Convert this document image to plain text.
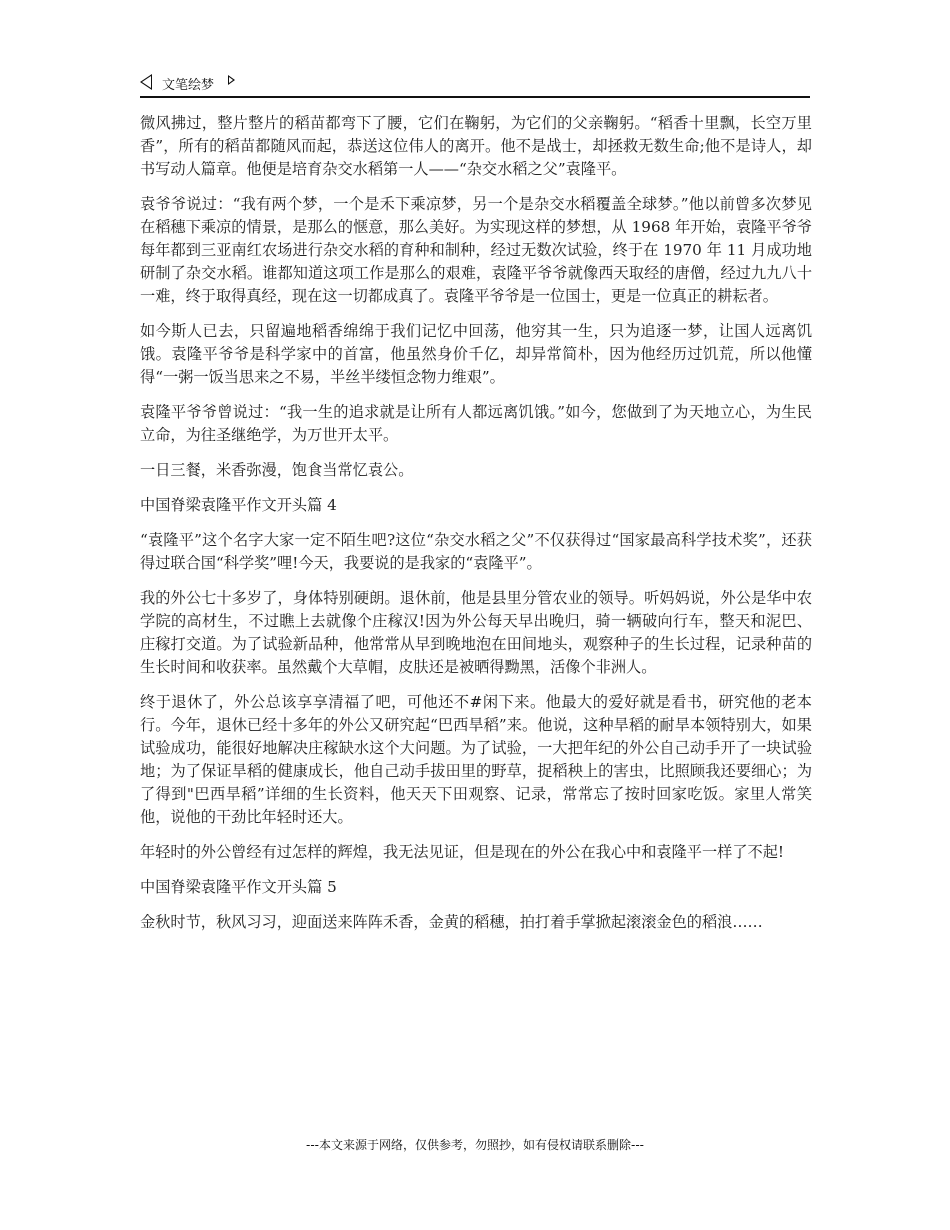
文笔绘梦

微风拂过，整片整片的稻苗都弯下了腰，它们在鞠躬，为它们的父亲鞠躬。“稻香十里飘，长空万里香”，所有的稻苗都随风而起，恭送这位伟人的离开。他不是战士，却拯救无数生命;他不是诗人，却书写动人篇章。他便是培育杂交水稻第一人——“杂交水稻之父”袁隆平。

袁爷爷说过：“我有两个梦，一个是禾下乘凉梦，另一个是杂交水稻覆盖全球梦。”他以前曾多次梦见在稻穗下乘凉的情景，是那么的惬意，那么美好。为实现这样的梦想，从 1968 年开始，袁隆平爷爷每年都到三亚南红农场进行杂交水稻的育种和制种，经过无数次试验，终于在 1970 年 11 月成功地研制了杂交水稻。谁都知道这项工作是那么的艰难，袁隆平爷爷就像西天取经的唐僧，经过九九八十一难，终于取得真经，现在这一切都成真了。袁隆平爷爷是一位国士，更是一位真正的耕耘者。

如今斯人已去，只留遍地稻香绵绵于我们记忆中回荡，他穷其一生，只为追逐一梦，让国人远离饥饿。袁隆平爷爷是科学家中的首富，他虽然身价千亿，却异常简朴，因为他经历过饥荒，所以他懂得“一粥一饭当思来之不易，半丝半缕恒念物力维艰”。

袁隆平爷爷曾说过：“我一生的追求就是让所有人都远离饥饿。”如今，您做到了为天地立心，为生民立命，为往圣继绝学，为万世开太平。

一日三餐，米香弥漫，饱食当常忆袁公。

中国脊梁袁隆平作文开头篇 4

“袁隆平”这个名字大家一定不陌生吧?这位“杂交水稻之父”不仅获得过“国家最高科学技术奖”，还获得过联合国“科学奖”哩!今天，我要说的是我家的“袁隆平”。

我的外公七十多岁了，身体特别硬朗。退休前，他是县里分管农业的领导。听妈妈说，外公是华中农学院的高材生，不过瞧上去就像个庄稼汉!因为外公每天早出晚归，骑一辆破向行车，整天和泥巴、庄稼打交道。为了试验新品种，他常常从早到晚地泡在田间地头，观察种子的生长过程，记录种苗的生长时间和收获率。虽然戴个大草帽，皮肤还是被晒得黝黑，活像个非洲人。

终于退休了，外公总该享享清福了吧，可他还不#闲下来。他最大的爱好就是看书，研究他的老本行。今年，退休已经十多年的外公又研究起“巴西旱稻”来。他说，这种旱稻的耐旱本领特别大，如果试验成功，能很好地解决庄稼缺水这个大问题。为了试验，一大把年纪的外公自己动手开了一块试验地；为了保证旱稻的健康成长，他自己动手拔田里的野草，捉稻秧上的害虫，比照顾我还要细心；为了得到"巴西旱稻”详细的生长资料，他天天下田观察、记录，常常忘了按时回家吃饭。家里人常笑他，说他的干劲比年轻时还大。

年轻时的外公曾经有过怎样的辉煌，我无法见证，但是现在的外公在我心中和袁隆平一样了不起!

中国脊梁袁隆平作文开头篇 5

金秋时节，秋风习习，迎面送来阵阵禾香，金黄的稻穗，拍打着手掌掀起滚滚金色的稻浪……

---本文来源于网络，仅供参考，勿照抄，如有侵权请联系删除---
